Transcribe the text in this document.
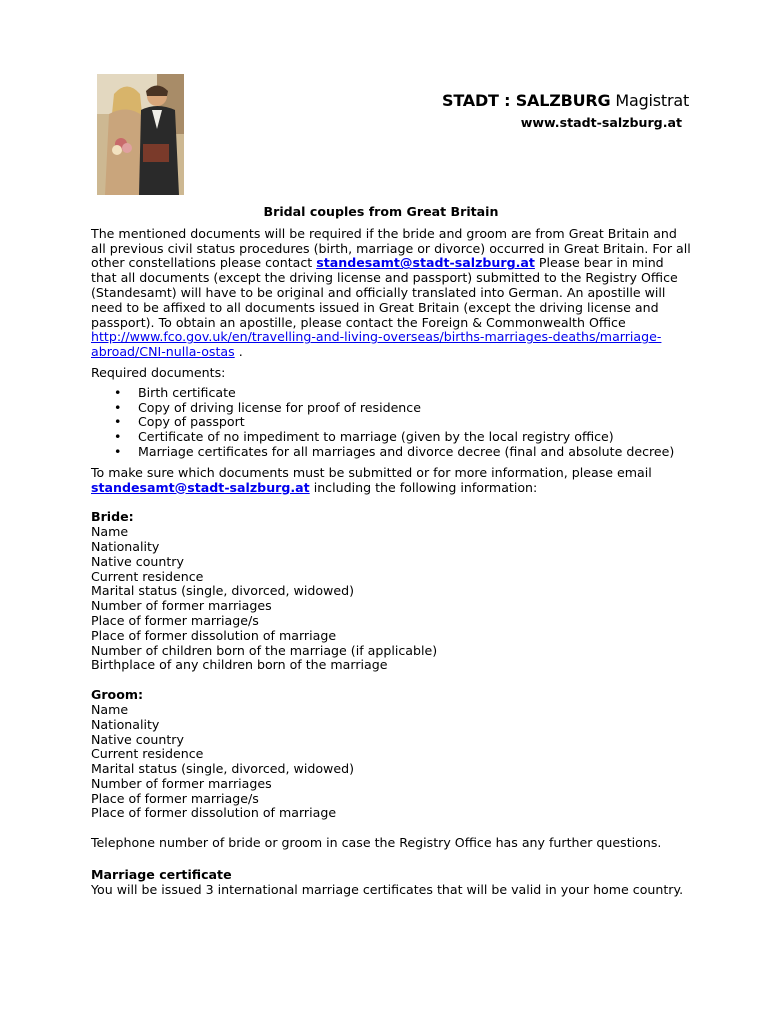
STADT : SALZBURG Magistrat
www.stadt-salzburg.at
Bridal couples from Great Britain

The mentioned documents will be required if the bride and groom are from Great Britain and all previous civil status procedures (birth, marriage or divorce) occurred in Great Britain. For all other constellations please contact standesamt@stadt-salzburg.at Please bear in mind that all documents (except the driving license and passport) submitted to the Registry Office (Standesamt) will have to be original and officially translated into German. An apostille will need to be affixed to all documents issued in Great Britain (except the driving license and passport). To obtain an apostille, please contact the Foreign & Commonwealth Office http://www.fco.gov.uk/en/travelling-and-living-overseas/births-marriages-deaths/marriage-abroad/CNI-nulla-ostas .

Required documents:

• Birth certificate
• Copy of driving license for proof of residence
• Copy of passport
• Certificate of no impediment to marriage (given by the local registry office)
• Marriage certificates for all marriages and divorce decree (final and absolute decree)

To make sure which documents must be submitted or for more information, please email standesamt@stadt-salzburg.at including the following information:

Bride:
Name
Nationality
Native country
Current residence
Marital status (single, divorced, widowed)
Number of former marriages
Place of former marriage/s
Place of former dissolution of marriage
Number of children born of the marriage (if applicable)
Birthplace of any children born of the marriage
Groom:
Name
Nationality
Native country
Current residence
Marital status (single, divorced, widowed)
Number of former marriages
Place of former marriage/s
Place of former dissolution of marriage

Telephone number of bride or groom in case the Registry Office has any further questions.

Marriage certificate

You will be issued 3 international marriage certificates that will be valid in your home country.
